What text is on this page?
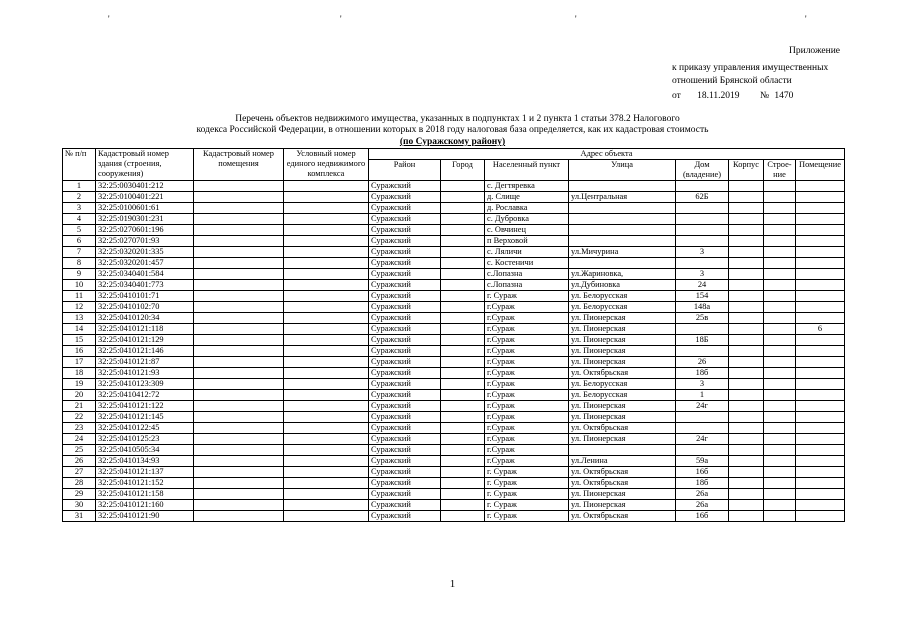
'	'	'	'
Приложение
к приказу управления имущественных
отношений Брянской области
от 18.11.2019 № 1470
Перечень объектов недвижимого имущества, указанных в подпунктах 1 и 2 пункта 1 статьи 378.2 Налогового
кодекса Российской Федерации, в отношении которых в 2018 году налоговая база определяется, как их кадастровая стоимость
(по Суражскому району)
№ п/п	Кадастровый номер здания (строения, сооружения)	Кадастровый номер помещения	Условный номер единого недвижимого комплекса	Адрес объекта							
				Район	Город	Населенный пункт	Улица	Дом (владение)	Корпус	Строе-ние	Помещение
1	32:25:0030401:212			Суражский		с. Дегтяревка					
2	32:25:0100401:221			Суражский		д. Слище	ул.Центральная	62Б			
3	32:25:0100601:61			Суражский		д. Рославка					
4	32:25:0190301:231			Суражский		с. Дубровка					
5	32:25:0270601:196			Суражский		с. Овчинец					
6	32:25:0270701:93			Суражский		п Верховой					
7	32:25:0320201:335			Суражский		с. Ляличи	ул.Мичурина	3			
8	32:25:0320201:457			Суражский		с. Костеничи					
9	32:25:0340401:584			Суражский		с.Лопазна	ул.Жариновка,	3			
10	32:25:0340401:773			Суражский		с.Лопазна	ул.Дубиновка	24			
11	32:25:0410101:71			Суражский		г. Сураж	ул. Белорусская	154			
12	32:25:0410102:70			Суражский		г.Сураж	ул. Белорусская	148а			
13	32:25:0410120:34			Суражский		г.Сураж	ул. Пионерская	25в			
14	32:25:0410121:118			Суражский		г.Сураж	ул. Пионерская				6
15	32:25:0410121:129			Суражский		г.Сураж	ул. Пионерская	18Б			
16	32:25:0410121:146			Суражский		г.Сураж	ул. Пионерская				
17	32:25:0410121:87			Суражский		г.Сураж	ул. Пионерская	26			
18	32:25:0410121:93			Суражский		г.Сураж	ул. Октябрьская	18б			
19	32:25:0410123:309			Суражский		г.Сураж	ул. Белорусская	3			
20	32:25:0410412:72			Суражский		г.Сураж	ул. Белорусская	1			
21	32:25:0410121:122			Суражский		г.Сураж	ул. Пионерская	24г			
22	32:25:0410121:145			Суражский		г.Сураж	ул. Пионерская				
23	32:25:0410122:45			Суражский		г.Сураж	ул. Октябрьская				
24	32:25:0410125:23			Суражский		г.Сураж	ул. Пионерская	24г			
25	32:25:0410505:34			Суражский		г.Сураж					
26	32:25:0410134:93			Суражский		г.Сураж	ул.Ленина	59а			
27	32:25:0410121:137			Суражский		г. Сураж	ул. Октябрьская	16б			
28	32:25:0410121:152			Суражский		г. Сураж	ул. Октябрьская	18б			
29	32:25:0410121:158			Суражский		г. Сураж	ул. Пионерская	26а			
30	32:25:0410121:160			Суражский		г. Сураж	ул. Пионерская	26а			
31	32:25:0410121:90			Суражский		г. Сураж	ул. Октябрьская	16б			
1
